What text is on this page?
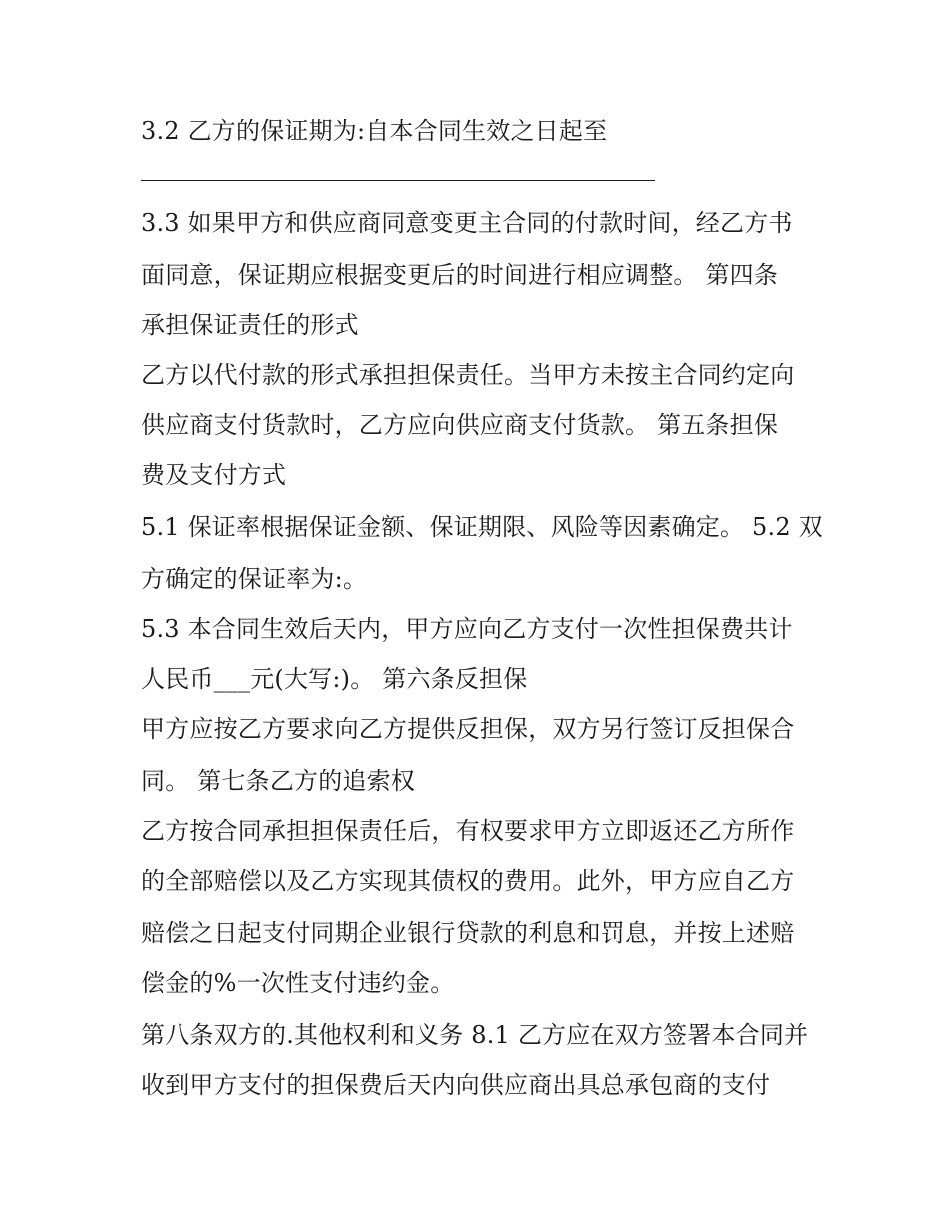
3.2 乙方的保证期为:自本合同生效之日起至
3.3 如果甲方和供应商同意变更主合同的付款时间，经乙方书
面同意，保证期应根据变更后的时间进行相应调整。 第四条
承担保证责任的形式
乙方以代付款的形式承担担保责任。当甲方未按主合同约定向
供应商支付货款时，乙方应向供应商支付货款。 第五条担保
费及支付方式
5.1 保证率根据保证金额、保证期限、风险等因素确定。 5.2 双
方确定的保证率为:。
5.3 本合同生效后天内，甲方应向乙方支付一次性担保费共计
人民币___元(大写:)。 第六条反担保
甲方应按乙方要求向乙方提供反担保，双方另行签订反担保合
同。 第七条乙方的追索权
乙方按合同承担担保责任后，有权要求甲方立即返还乙方所作
的全部赔偿以及乙方实现其债权的费用。此外，甲方应自乙方
赔偿之日起支付同期企业银行贷款的利息和罚息，并按上述赔
偿金的%一次性支付违约金。
第八条双方的.其他权利和义务 8.1 乙方应在双方签署本合同并
收到甲方支付的担保费后天内向供应商出具总承包商的支付
